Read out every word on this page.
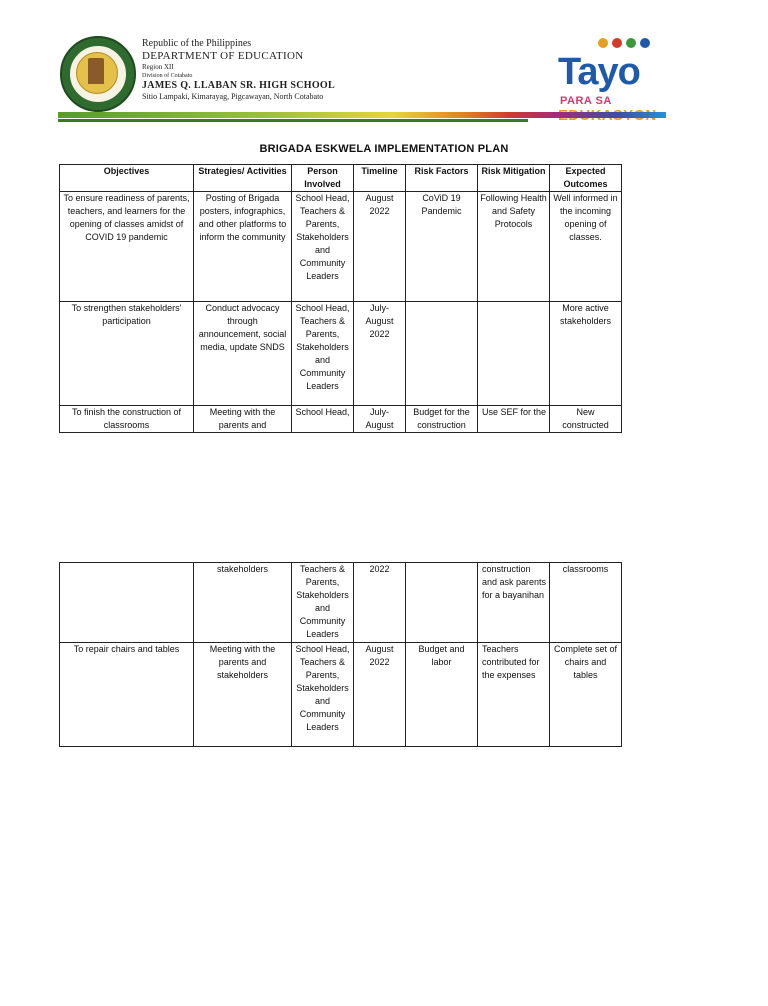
Republic of the Philippines
DEPARTMENT OF EDUCATION
Region XII
Division of Cotabato
JAMES Q. LLABAN SR. HIGH SCHOOL
Sitio Lampaki, Kimarayag, Pigcawayan, North Cotabato
Tayo
PARA SA
BRIGADA ESKWELA IMPLEMENTATION PLAN
Objectives	Strategies/ Activities	Person Involved	Timeline	Risk Factors	Risk Mitigation	Expected Outcomes
To ensure readiness of parents, teachers, and learners for the opening of classes amidst of COVID 19 pandemic	Posting of Brigada posters, infographics, and other platforms to inform the community	School Head, Teachers & Parents, Stakeholders and Community Leaders	August 2022	CoViD 19 Pandemic	Following Health and Safety Protocols	Well informed in the incoming opening of classes.
To strengthen stakeholders' participation	Conduct advocacy through announcement, social media, update SNDS	School Head, Teachers & Parents, Stakeholders and Community Leaders	July-August 2022			More active stakeholders
To finish the construction of classrooms	Meeting with the parents and	School Head,	July-August	Budget for the construction	Use SEF for the	New constructed
	stakeholders	Teachers & Parents, Stakeholders and Community Leaders	2022		construction and ask parents for a bayanihan	classrooms
To repair chairs and tables	Meeting with the parents and stakeholders	School Head, Teachers & Parents, Stakeholders and Community Leaders	August 2022	Budget and labor	Teachers contributed for the expenses	Complete set of chairs and tables
